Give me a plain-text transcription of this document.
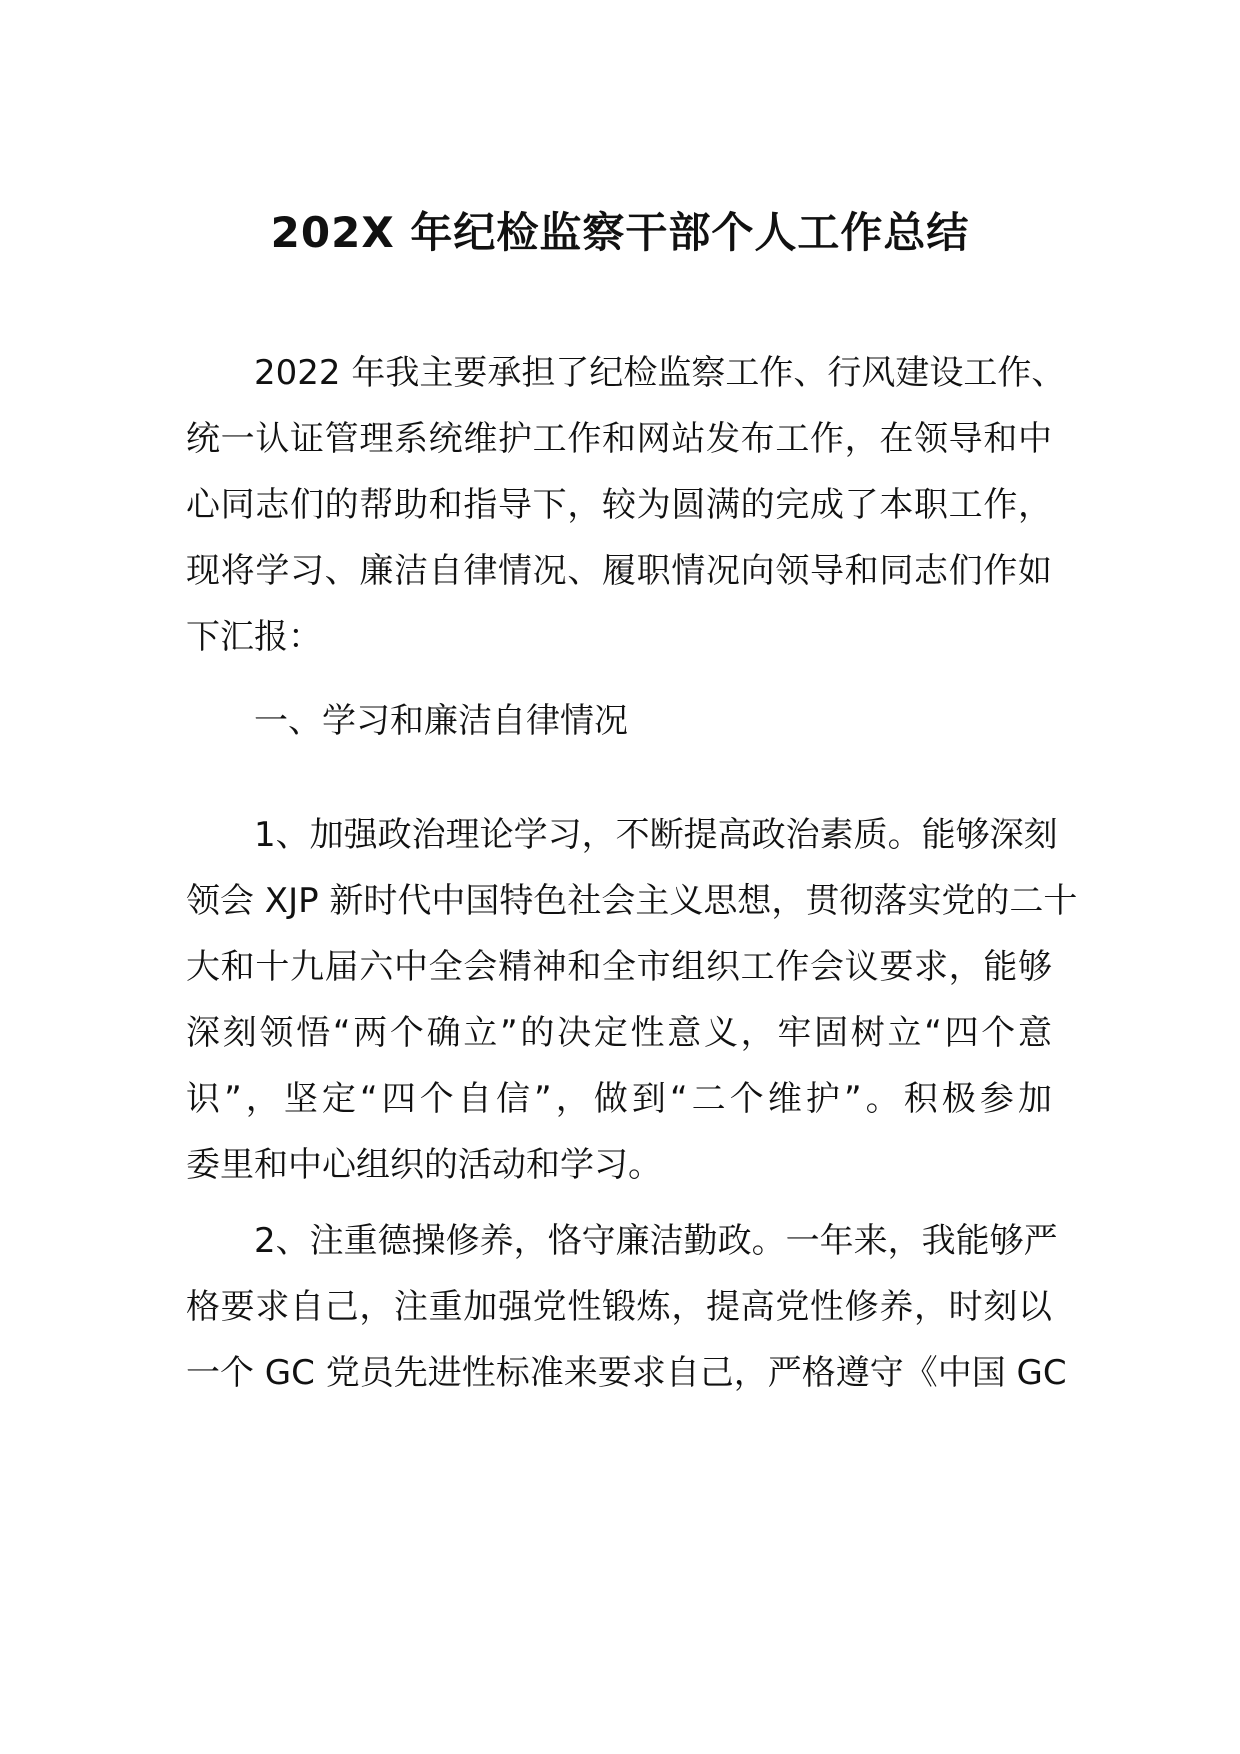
202X 年纪检监察干部个人工作总结
2022 年我主要承担了纪检监察工作、行风建设工作、
统一认证管理系统维护工作和网站发布工作，在领导和中
心同志们的帮助和指导下，较为圆满的完成了本职工作，
现将学习、廉洁自律情况、履职情况向领导和同志们作如
下汇报：
一、学习和廉洁自律情况
1、加强政治理论学习，不断提高政治素质。能够深刻
领会 XJP 新时代中国特色社会主义思想，贯彻落实党的二十
大和十九届六中全会精神和全市组织工作会议要求，能够
深刻领悟“两个确立”的决定性意义，牢固树立“四个意
识”，坚定“四个自信”，做到“二个维护”。积极参加
委里和中心组织的活动和学习。
2、注重德操修养，恪守廉洁勤政。一年来，我能够严
格要求自己，注重加强党性锻炼，提高党性修养，时刻以
一个 GC 党员先进性标准来要求自己，严格遵守《中国 GC
